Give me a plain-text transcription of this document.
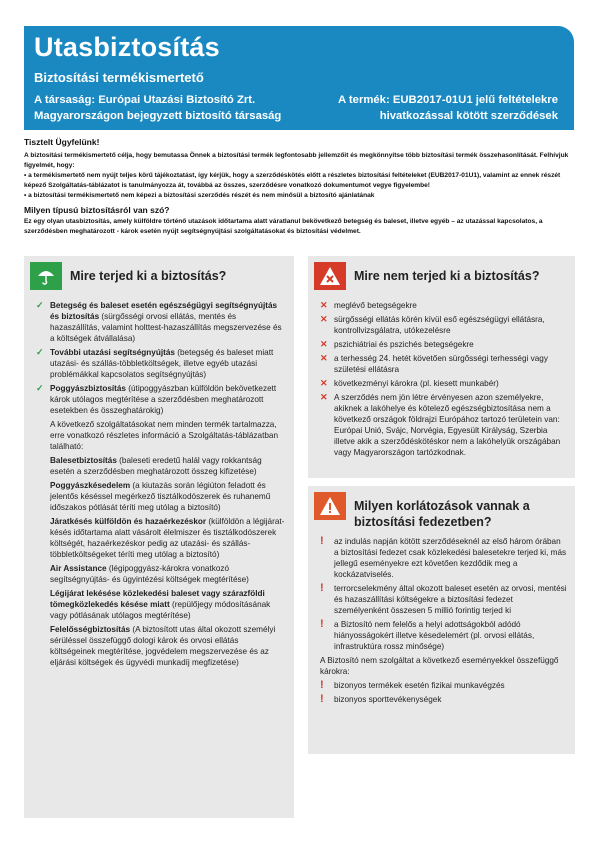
Utasbiztosítás
Biztosítási termékismertető
A társaság: Európai Utazási Biztosító Zrt.
Magyarországon bejegyzett biztosító társaság
A termék: EUB2017-01U1 jelű feltételekre
hivatkozással kötött szerződések
Tisztelt Ügyfelünk!
A biztosítási termékismertető célja, hogy bemutassa Önnek a biztosítási termék legfontosabb jellemzőit és megkönnyítse több biztosítási termék összehasonlítását. Felhívjuk figyelmét, hogy:
• a termékismertető nem nyújt teljes körű tájékoztatást, így kérjük, hogy a szerződéskötés előtt a részletes biztosítási feltételeket (EUB2017-01U1), valamint az ennek részét képező Szolgáltatás-táblázatot is tanulmányozza át, továbbá az összes, szerződésre vonatkozó dokumentumot vegye figyelembe!
• a biztosítási termékismertető nem képezi a biztosítási szerződés részét és nem minősül a biztosító ajánlatának
Milyen típusú biztosításról van szó?
Ez egy olyan utasbiztosítás, amely külföldre történő utazások időtartama alatt váratlanul bekövetkező betegség és baleset, illetve egyéb – az utazással kapcsolatos, a szerződésben meghatározott - károk esetén nyújt segítségnyújtási szolgáltatásokat és biztosítási védelmet.
Mire terjed ki a biztosítás?
✓ Betegség és baleset esetén egészségügyi segítségnyújtás és biztosítás (sürgősségi orvosi ellátás, mentés és hazaszállítás, valamint holttest-hazaszállítás megszervezése és a költségek átvállalása)
✓ További utazási segítségnyújtás (betegség és baleset miatt utazási- és szállás-többletköltségek, illetve egyéb utazási problémákkal kapcsolatos segítségnyújtás)
✓ Poggyászbiztosítás (útipoggyászban külföldön bekövetkezett károk utólagos megtérítése a szerződésben meghatározott esetekben és összeghatárokig)
A következő szolgáltatásokat nem minden termék tartalmazza, erre vonatkozó részletes információ a Szolgáltatás-táblázatban található:
Balesetbiztosítás (baleseti eredetű halál vagy rokkantság esetén a szerződésben meghatározott összeg kifizetése)
Poggyászkésedelem (a kiutazás során légiúton feladott és jelentős késéssel megérkező tisztálkodószerek és ruhanemű időszakos pótlását téríti meg utólag a biztosító)
Járatkésés külföldön és hazaérkezéskor (külföldön a légijárat-késés időtartama alatt vásárolt élelmiszer és tisztálkodószerek költségét, hazaérkezéskor pedig az utazási- és szállás-többletköltségeket téríti meg utólag a biztosító)
Air Assistance (légipoggyász-károkra vonatkozó segítségnyújtás- és ügyintézési költségek megtérítése)
Légijárat lekésése közlekedési baleset vagy szárazföldi tömegközlekedés késése miatt (repülőjegy módosításának vagy pótlásának utólagos megtérítése)
Felelősségbiztosítás (A biztosított utas által okozott személyi sérüléssel összefüggő dologi károk és orvosi ellátás költségeinek megtérítése, jogvédelem megszervezése és az eljárási költségek és ügyvédi munkadíj megfizetése)
Mire nem terjed ki a biztosítás?
✕ meglévő betegségekre
✕ sürgősségi ellátás körén kívül eső egészségügyi ellátásra, kontrollvizsgálatra, utókezelésre
✕ pszichiátriai és pszichés betegségekre
✕ a terhesség 24. hetét követően sürgősségi terhességi vagy születési ellátásra
✕ következményi károkra (pl. kiesett munkabér)
✕ A szerződés nem jön létre érvényesen azon személyekre, akiknek a lakóhelye és kötelező egészségbiztosítása nem a következő országok földrajzi Európához tartozó területein van: Európai Unió, Svájc, Norvégia, Egyesült Királyság, Szerbia illetve akik a szerződéskötéskor nem a lakóhelyük országában vagy Magyarországon tartózkodnak.
Milyen korlátozások vannak a biztosítási fedezetben?
!	az indulás napján kötött szerződéseknél az első három órában a biztosítási fedezet csak közlekedési balesetekre terjed ki, más jellegű eseményekre ezt követően kezdődik meg a kockázatviselés.
!	terrorcselekmény által okozott baleset esetén az orvosi, mentési és hazaszállítási költségekre a biztosítási fedezet személyenként összesen 5 millió forintig terjed ki
!	a Biztosító nem felelős a helyi adottságokból adódó hiányosságokért illetve késedelemért (pl. orvosi ellátás, infrastruktúra rossz minősége)
A Biztosító nem szolgáltat a következő eseményekkel összefüggő károkra:
!	bizonyos termékek esetén fizikai munkavégzés
!	bizonyos sporttevékenységek
